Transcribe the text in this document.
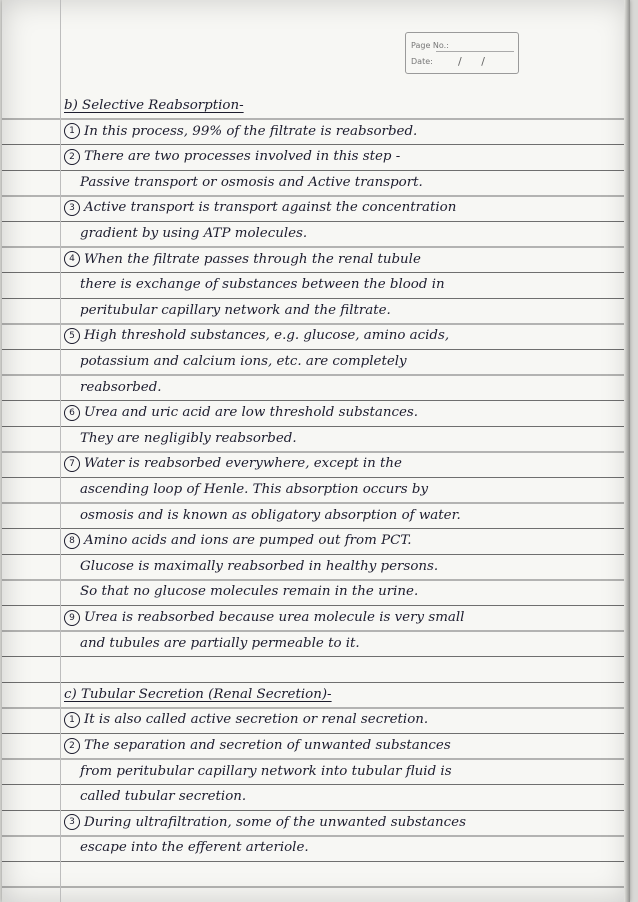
Page No.:
Date: / /
b) Selective Reabsorption-
1 In this process, 99% of the filtrate is reabsorbed.
2 There are two processes involved in this step -
Passive transport or osmosis and Active transport.
3 Active transport is transport against the concentration
gradient by using ATP molecules.
4 When the filtrate passes through the renal tubule
there is exchange of substances between the blood in
peritubular capillary network and the filtrate.
5 High threshold substances, e.g. glucose, amino acids,
potassium and calcium ions, etc. are completely
reabsorbed.
6 Urea and uric acid are low threshold substances.
They are negligibly reabsorbed.
7 Water is reabsorbed everywhere, except in the
ascending loop of Henle. This absorption occurs by
osmosis and is known as obligatory absorption of water.
8 Amino acids and ions are pumped out from PCT.
Glucose is maximally reabsorbed in healthy persons.
So that no glucose molecules remain in the urine.
9 Urea is reabsorbed because urea molecule is very small
and tubules are partially permeable to it.
c) Tubular Secretion (Renal Secretion)-
1 It is also called active secretion or renal secretion.
2 The separation and secretion of unwanted substances
from peritubular capillary network into tubular fluid is
called tubular secretion.
3 During ultrafiltration, some of the unwanted substances
escape into the efferent arteriole.
